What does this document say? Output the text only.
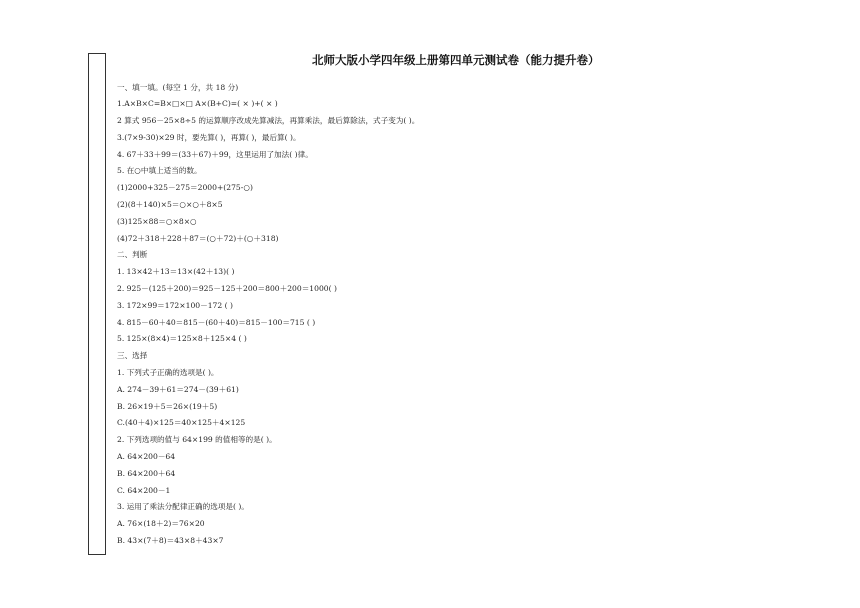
北师大版小学四年级上册第四单元测试卷（能力提升卷）
一、填一填。(每空 1 分，共 18 分)
1.A×B×C=B×□×□ A×(B+C)=( × )+( × )
2 算式 956－25×8÷5 的运算顺序改成先算减法，再算乘法，最后算除法，式子变为( )。
3.(7×9-30)×29 时，要先算( )，再算( )，最后算( )。
4. 67＋33＋99＝(33＋67)＋99，这里运用了加法( )律。
5. 在○中填上适当的数。
(1)2000+325－275＝2000+(275-○)
(2)(8＋140)×5＝○×○＋8×5
(3)125×88＝○×8×○
(4)72＋318＋228＋87＝(○＋72)＋(○＋318)
二、判断
1. 13×42＋13＝13×(42＋13)( )
2. 925－(125＋200)＝925－125＋200＝800＋200＝1000( )
3. 172×99＝172×100－172 ( )
4. 815－60＋40＝815－(60＋40)＝815－100＝715 ( )
5. 125×(8×4)＝125×8＋125×4 ( )
三、选择
1. 下列式子正确的选项是( )。
A. 274－39＋61＝274－(39＋61)
B. 26×19＋5＝26×(19＋5)
C.(40＋4)×125＝40×125＋4×125
2. 下列选项的值与 64×199 的值相等的是( )。
A. 64×200－64
B. 64×200＋64
C. 64×200－1
3. 运用了乘法分配律正确的选项是( )。
A. 76×(18＋2)＝76×20
B. 43×(7＋8)＝43×8＋43×7
